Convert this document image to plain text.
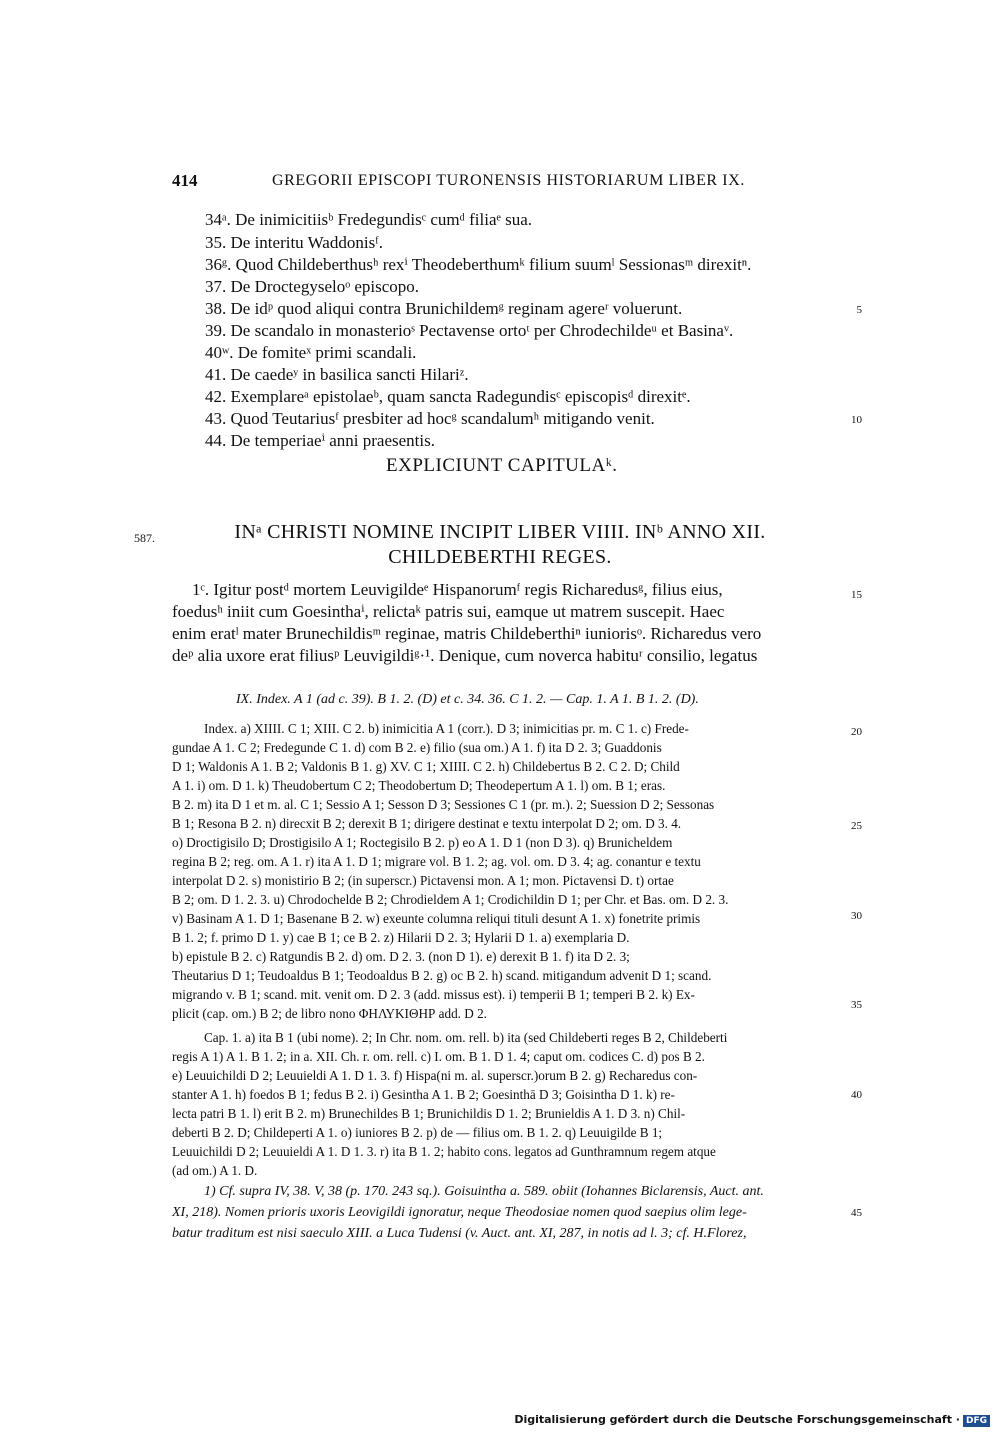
414	GREGORII EPISCOPI TURONENSIS HISTORIARUM LIBER IX.
34ᵃ. De inimicitiisᵇ Fredegundisᶜ cumᵈ filiaᵉ sua.
35. De interitu Waddonisᶠ.
36ᵍ. Quod Childeberthusʰ rexⁱ Theodeberthumᵏ filium suumˡ Sessionasᵐ direxitⁿ.
37. De Droctegyseloᵒ episcopo.
38. De idᵖ quod aliqui contra Brunichildemᵍ reginam agereʳ voluerunt.
39. De scandalo in monasterioˢ Pectavense ortoᵗ per Chrodechildeᵘ et Basinaᵛ.
40ʷ. De fomiteˣ primi scandali.
41. De caedeʸ in basilica sancti Hilariᶻ.
42. Exemplareᵃ epistolaeᵇ, quam sancta Radegundisᶜ episcopisᵈ direxitᵉ.
43. Quod Teutariusᶠ presbiter ad hocᵍ scandalumʰ mitigando venit.
44. De temperiaeⁱ anni praesentis.
5
10
15
20
25
30
35
40
45
EXPLICIUNT CAPITULAᵏ.
587.	INᵃ CHRISTI NOMINE INCIPIT LIBER VIIII. INᵇ ANNO XII.
CHILDEBERTHI REGES.
1ᶜ. Igitur postᵈ mortem Leuvigildeᵉ Hispanorumᶠ regis Richaredusᵍ, filius eius,
foedusʰ iniit cum Goesinthaⁱ, relictaᵏ patris sui, eamque ut matrem suscepit. Haec
enim eratˡ mater Brunechildisᵐ reginae, matris Childeberthiⁿ iuniorisᵒ. Richaredus vero
deᵖ alia uxore erat filiusᵖ Leuvigildiᵍ·¹. Denique, cum noverca habituʳ consilio, legatus
IX. Index. A 1 (ad c. 39). B 1. 2. (D) et c. 34. 36. C 1. 2. — Cap. 1. A 1. B 1. 2. (D).
Index. a) XIIII. C 1; XIII. C 2. b) inimicitia A 1 (corr.). D 3; inimicitias pr. m. C 1. c) Frede-
gundae A 1. C 2; Fredegunde C 1. d) com B 2. e) filio (sua om.) A 1. f) ita D 2. 3; Guaddonis
D 1; Waldonis A 1. B 2; Valdonis B 1. g) XV. C 1; XIIII. C 2. h) Childebertus B 2. C 2. D; Child
A 1. i) om. D 1. k) Theudobertum C 2; Theodobertum D; Theodepertum A 1. l) om. B 1; eras.
B 2. m) ita D 1 et m. al. C 1; Sessio A 1; Sesson D 3; Sessiones C 1 (pr. m.). 2; Suession D 2; Sessonas
B 1; Resona B 2. n) direcxit B 2; derexit B 1; dirigere destinat e textu interpolat D 2; om. D 3. 4.
o) Droctigisilo D; Drostigisilo A 1; Roctegisilo B 2. p) eo A 1. D 1 (non D 3). q) Brunicheldem
regina B 2; reg. om. A 1. r) ita A 1. D 1; migrare vol. B 1. 2; ag. vol. om. D 3. 4; ag. conantur e textu
interpolat D 2. s) monistirio B 2; (in superscr.) Pictavensi mon. A 1; mon. Pictavensi D. t) ortae
B 2; om. D 1. 2. 3. u) Chrodochelde B 2; Chrodieldem A 1; Crodichildin D 1; per Chr. et Bas. om. D 2. 3.
v) Basinam A 1. D 1; Basenane B 2. w) exeunte columna reliqui tituli desunt A 1. x) fonetrite primis
B 1. 2; f. primo D 1. y) cae B 1; ce B 2. z) Hilarii D 2. 3; Hylarii D 1. a) exemplaria D.
b) epistule B 2. c) Ratgundis B 2. d) om. D 2. 3. (non D 1). e) derexit B 1. f) ita D 2. 3;
Theutarius D 1; Teudoaldus B 1; Teodoaldus B 2. g) oc B 2. h) scand. mitigandum advenit D 1; scand.
migrando v. B 1; scand. mit. venit om. D 2. 3 (add. missus est). i) temperii B 1; temperi B 2. k) Ex-
plicit (cap. om.) B 2; de libro nono ΦΗΛΥΚΙΘΗΡ add. D 2.
Cap. 1. a) ita B 1 (ubi nome). 2; In Chr. nom. om. rell. b) ita (sed Childeberti reges B 2, Childeberti
regis A 1) A 1. B 1. 2; in a. XII. Ch. r. om. rell. c) I. om. B 1. D 1. 4; caput om. codices C. d) pos B 2.
e) Leuuichildi D 2; Leuuieldi A 1. D 1. 3. f) Hispa(ni m. al. superscr.)orum B 2. g) Recharedus con-
stanter A 1. h) foedos B 1; fedus B 2. i) Gesintha A 1. B 2; Goesinthā D 3; Goisintha D 1. k) re-
lecta patri B 1. l) erit B 2. m) Brunechildes B 1; Brunichildis D 1. 2; Brunieldis A 1. D 3. n) Chil-
deberti B 2. D; Childeperti A 1. o) iuniores B 2. p) de — filius om. B 1. 2. q) Leuuigilde B 1;
Leuuichildi D 2; Leuuieldi A 1. D 1. 3. r) ita B 1. 2; habito cons. legatos ad Gunthramnum regem atque
(ad om.) A 1. D.
1) Cf. supra IV, 38. V, 38 (p. 170. 243 sq.). Goisuintha a. 589. obiit (Iohannes Biclarensis, Auct. ant.
XI, 218). Nomen prioris uxoris Leovigildi ignoratur, neque Theodosiae nomen quod saepius olim lege-
batur traditum est nisi saeculo XIII. a Luca Tudensi (v. Auct. ant. XI, 287, in notis ad l. 3; cf. H.Florez,
Digitalisierung gefördert durch die Deutsche Forschungsgemeinschaft · DFG
